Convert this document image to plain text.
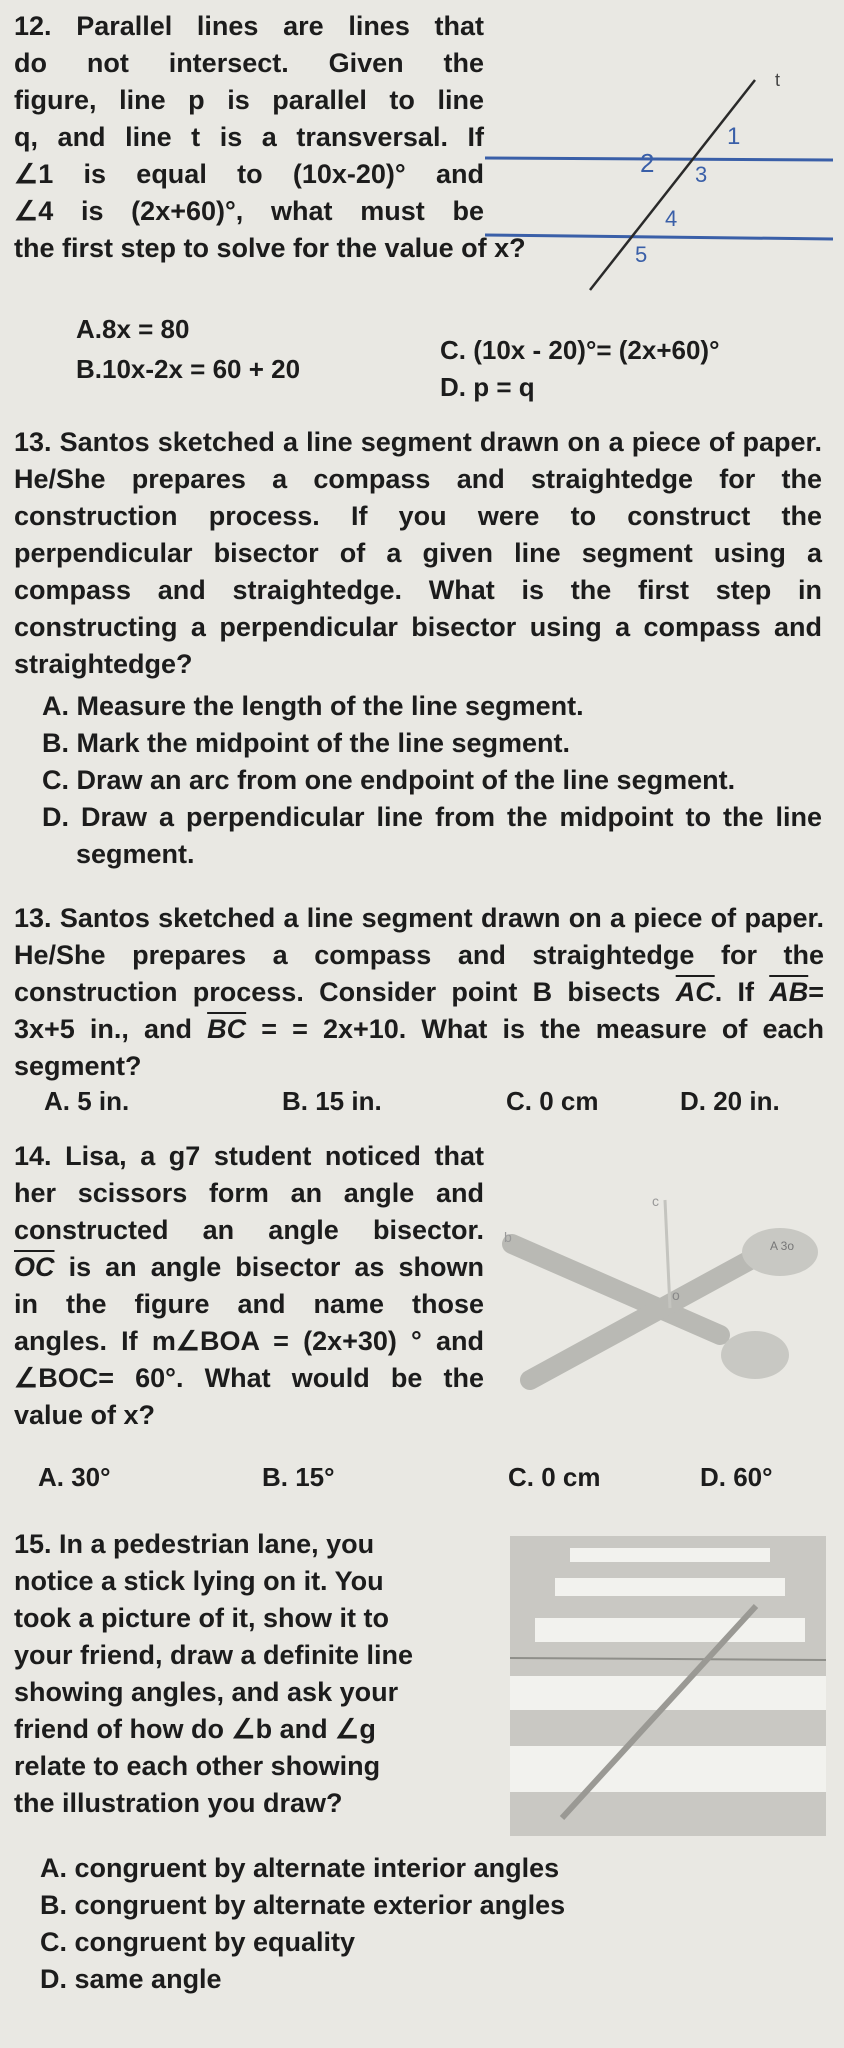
12. Parallel lines are lines that
do not intersect. Given the
figure, line p is parallel to line
q, and line t is a transversal. If
∠1 is equal to (10x-20)° and
∠4 is (2x+60)°, what must be
the first step to solve for the value of x?
t
1
2 3
4
5
A.8x = 80
B.10x-2x = 60 + 20
C. (10x - 20)°= (2x+60)°
D. p = q
13. Santos sketched a line segment drawn on a piece of paper.
He/She prepares a compass and straightedge for the
construction process. If you were to construct the
perpendicular bisector of a given line segment using a
compass and straightedge. What is the first step in
constructing a perpendicular bisector using a compass and
straightedge?
A. Measure the length of the line segment.
B. Mark the midpoint of the line segment.
C. Draw an arc from one endpoint of the line segment.
D. Draw a perpendicular line from the midpoint to the line
segment.
13. Santos sketched a line segment drawn on a piece of paper.
He/She prepares a compass and straightedge for the
construction process. Consider point B bisects $\overline{AC}$. If $\overline{AB}=$
3x+5 in., and $\overline{BC}$ = = 2x+10. What is the measure of each
segment?
A. 5 in.	B. 15 in.	C. 0 cm	D. 20 in.
14. Lisa, a g7 student noticed that
her scissors form an angle and
constructed an angle bisector.
$\overline{OC}$ is an angle bisector as shown
in the figure and name those
angles. If m∠BOA = (2x+30) ° and
∠BOC= 60°. What would be the
value of x?
c
b
A 3o
o
A. 30°	B. 15°	C. 0 cm	D. 60°
15. In a pedestrian lane, you
notice a stick lying on it. You
took a picture of it, show it to
your friend, draw a definite line
showing angles, and ask your
friend of how do ∠b and ∠g
relate to each other showing
the illustration you draw?
A. congruent by alternate interior angles
B. congruent by alternate exterior angles
C. congruent by equality
D. same angle
